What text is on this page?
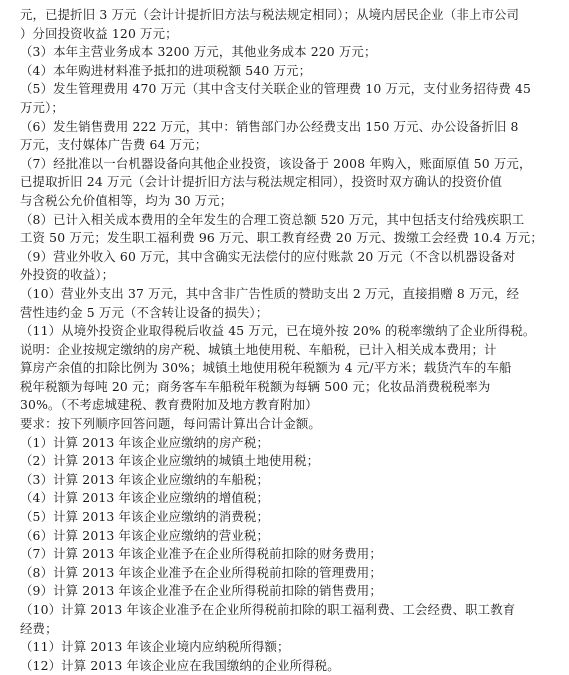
元，已提折旧 3 万元（会计计提折旧方法与税法规定相同）；从境内居民企业（非上市公司
）分回投资收益 120 万元；
（3）本年主营业务成本 3200 万元，其他业务成本 220 万元；
（4）本年购进材料准予抵扣的进项税额 540 万元；
（5）发生管理费用 470 万元（其中含支付关联企业的管理费 10 万元，支付业务招待费 45
万元）；
（6）发生销售费用 222 万元，其中：销售部门办公经费支出 150 万元、办公设备折旧 8
万元，支付媒体广告费 64 万元；
（7）经批准以一台机器设备向其他企业投资，该设备于 2008 年购入，账面原值 50 万元，
已提取折旧 24 万元（会计计提折旧方法与税法规定相同），投资时双方确认的投资价值
与含税公允价值相等，均为 30 万元；
（8）已计入相关成本费用的全年发生的合理工资总额 520 万元，其中包括支付给残疾职工
工资 50 万元；发生职工福利费 96 万元、职工教育经费 20 万元、拨缴工会经费 10.4 万元；
（9）营业外收入 60 万元，其中含确实无法偿付的应付账款 20 万元（不含以机器设备对
外投资的收益）；
（10）营业外支出 37 万元，其中含非广告性质的赞助支出 2 万元，直接捐赠 8 万元，经
营性违约金 5 万元（不含转让设备的损失）；
（11）从境外投资企业取得税后收益 45 万元，已在境外按 20% 的税率缴纳了企业所得税。
说明：企业按规定缴纳的房产税、城镇土地使用税、车船税，已计入相关成本费用；计
算房产余值的扣除比例为 30%；城镇土地使用税年税额为 4 元/平方米；载货汽车的车船
税年税额为每吨 20 元；商务客车车船税年税额为每辆 500 元；化妆品消费税税率为
30%。（不考虑城建税、教育费附加及地方教育附加）
要求：按下列顺序回答问题，每问需计算出合计金额。
（1）计算 2013 年该企业应缴纳的房产税；
（2）计算 2013 年该企业应缴纳的城镇土地使用税；
（3）计算 2013 年该企业应缴纳的车船税；
（4）计算 2013 年该企业应缴纳的增值税；
（5）计算 2013 年该企业应缴纳的消费税；
（6）计算 2013 年该企业应缴纳的营业税；
（7）计算 2013 年该企业准予在企业所得税前扣除的财务费用；
（8）计算 2013 年该企业准予在企业所得税前扣除的管理费用；
（9）计算 2013 年该企业准予在企业所得税前扣除的销售费用；
（10）计算 2013 年该企业准予在企业所得税前扣除的职工福利费、工会经费、职工教育
经费；
（11）计算 2013 年该企业境内应纳税所得额；
（12）计算 2013 年该企业应在我国缴纳的企业所得税。
